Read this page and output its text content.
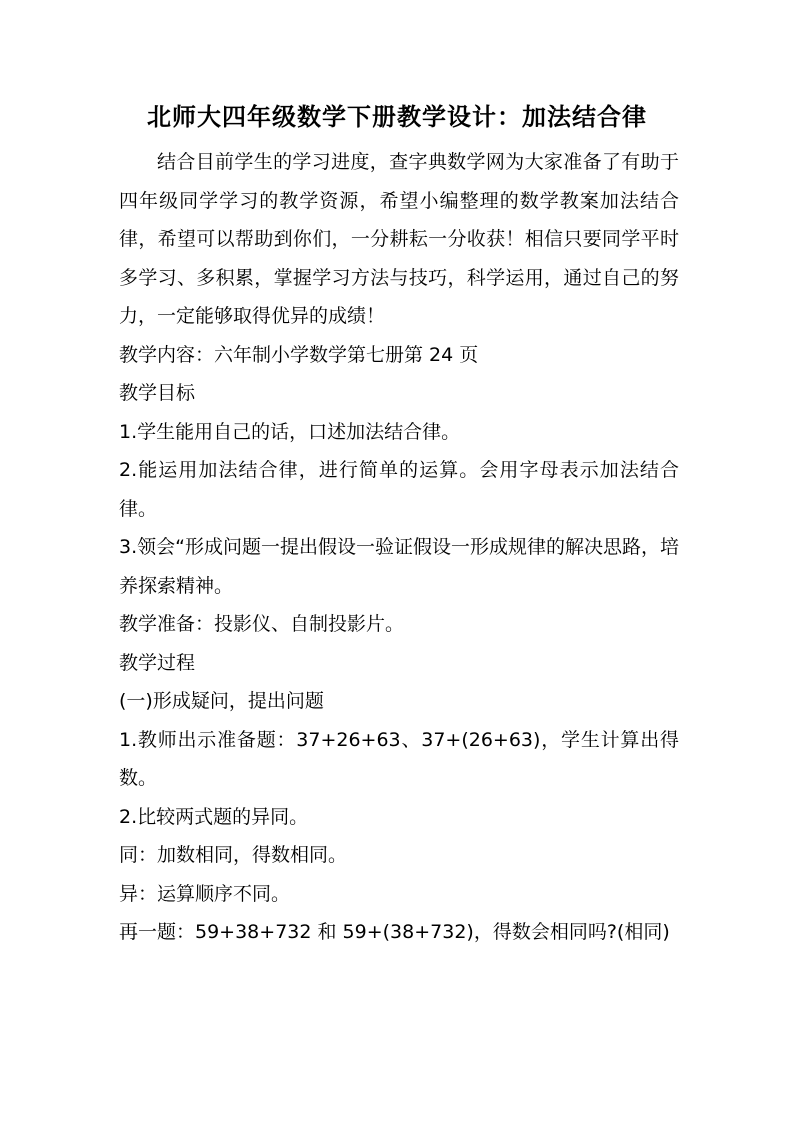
北师大四年级数学下册教学设计：加法结合律

结合目前学生的学习进度，查字典数学网为大家准备了有助于四年级同学学习的教学资源，希望小编整理的数学教案加法结合律，希望可以帮助到你们，一分耕耘一分收获！相信只要同学平时多学习、多积累，掌握学习方法与技巧，科学运用，通过自己的努力，一定能够取得优异的成绩！

教学内容：六年制小学数学第七册第 24 页

教学目标

1.学生能用自己的话，口述加法结合律。

2.能运用加法结合律，进行简单的运算。会用字母表示加法结合律。

3.领会“形成问题一提出假设一验证假设一形成规律的解决思路，培养探索精神。

教学准备：投影仪、自制投影片。

教学过程

(一)形成疑问，提出问题

1.教师出示准备题：37+26+63、37+(26+63)，学生计算出得数。

2.比较两式题的异同。

同：加数相同，得数相同。

异：运算顺序不同。

再一题：59+38+732 和 59+(38+732)，得数会相同吗?(相同)
